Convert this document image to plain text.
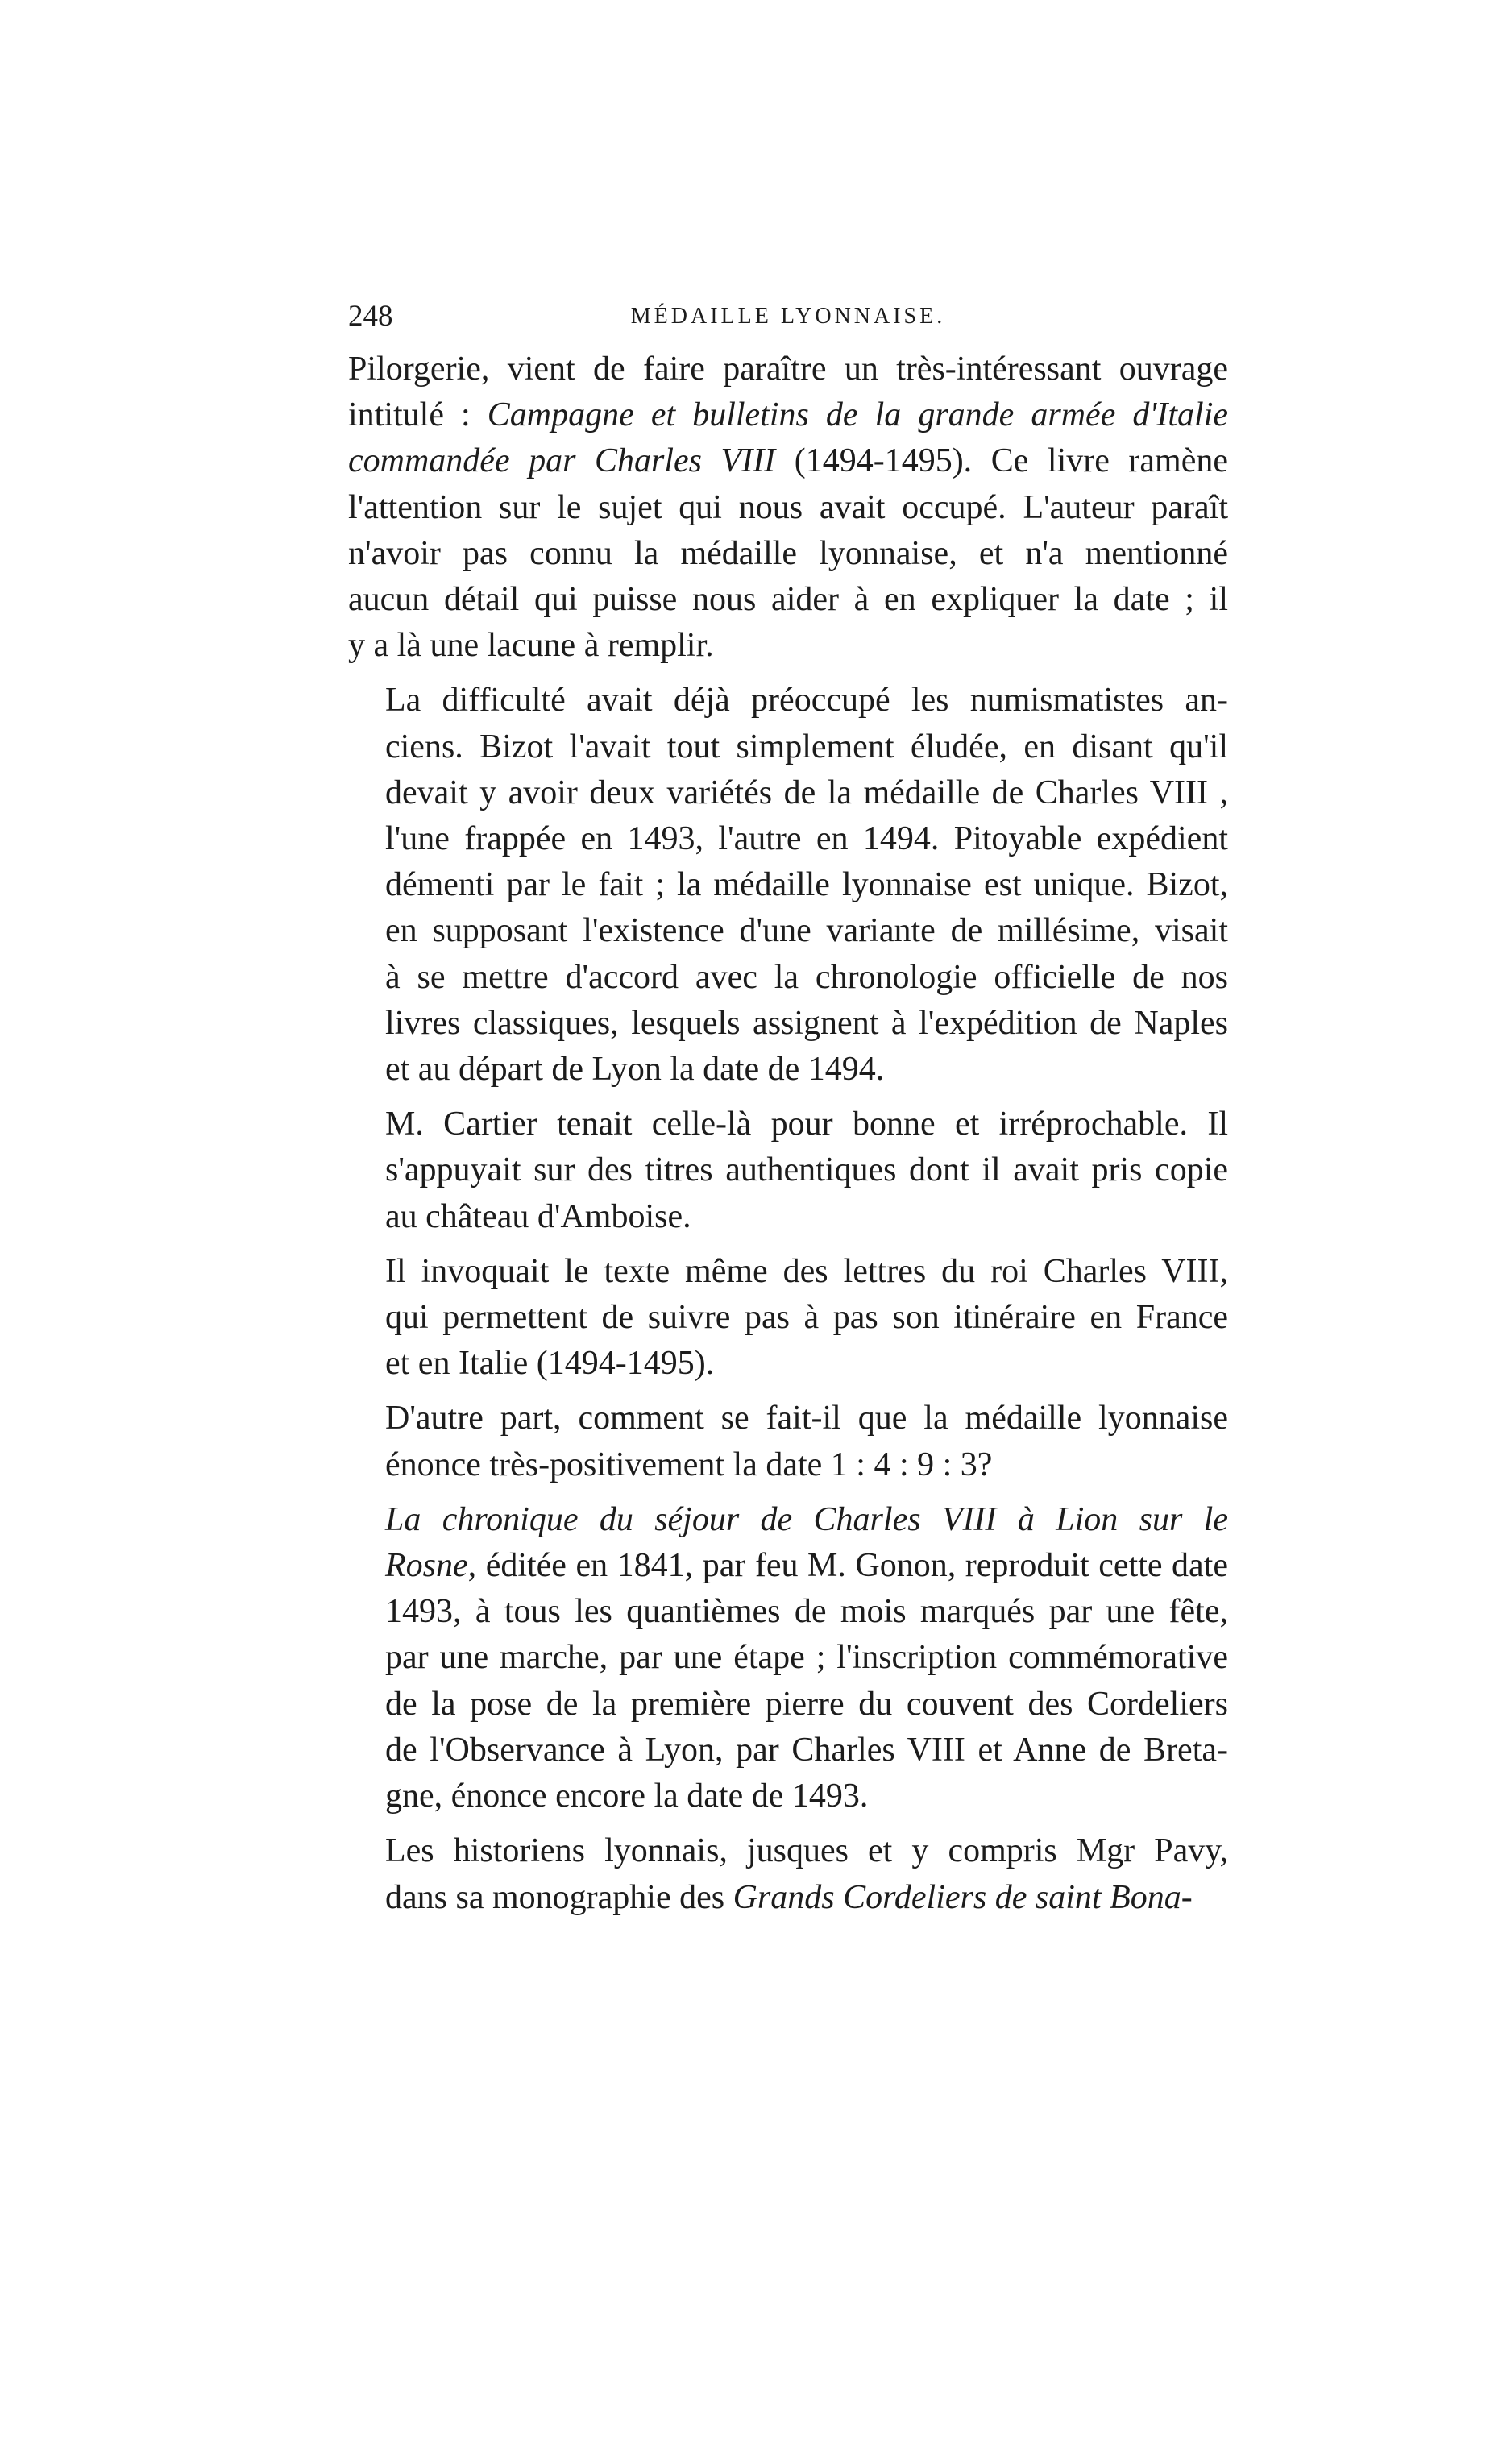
248	MÉDAILLE LYONNAISE.

Pilorgerie, vient de faire paraître un très-intéressant ouvrage
intitulé : Campagne et bulletins de la grande armée d'Italie
commandée par Charles VIII (1494-1495). Ce livre ramène
l'attention sur le sujet qui nous avait occupé. L'auteur paraît
n'avoir pas connu la médaille lyonnaise, et n'a mentionné
aucun détail qui puisse nous aider à en expliquer la date ; il
y a là une lacune à remplir.

La difficulté avait déjà préoccupé les numismatistes an-
ciens. Bizot l'avait tout simplement éludée, en disant qu'il
devait y avoir deux variétés de la médaille de Charles VIII ,
l'une frappée en 1493, l'autre en 1494. Pitoyable expédient
démenti par le fait ; la médaille lyonnaise est unique. Bizot,
en supposant l'existence d'une variante de millésime, visait
à se mettre d'accord avec la chronologie officielle de nos
livres classiques, lesquels assignent à l'expédition de Naples
et au départ de Lyon la date de 1494.

M. Cartier tenait celle-là pour bonne et irréprochable. Il
s'appuyait sur des titres authentiques dont il avait pris copie
au château d'Amboise.

Il invoquait le texte même des lettres du roi Charles VIII,
qui permettent de suivre pas à pas son itinéraire en France
et en Italie (1494-1495).

D'autre part, comment se fait-il que la médaille lyonnaise
énonce très-positivement la date 1 : 4 : 9 : 3?

La chronique du séjour de Charles VIII à Lion sur le
Rosne, éditée en 1841, par feu M. Gonon, reproduit cette date
1493, à tous les quantièmes de mois marqués par une fête,
par une marche, par une étape ; l'inscription commémorative
de la pose de la première pierre du couvent des Cordeliers
de l'Observance à Lyon, par Charles VIII et Anne de Breta-
gne, énonce encore la date de 1493.

Les historiens lyonnais, jusques et y compris Mgr Pavy,
dans sa monographie des Grands Cordeliers de saint Bona-
